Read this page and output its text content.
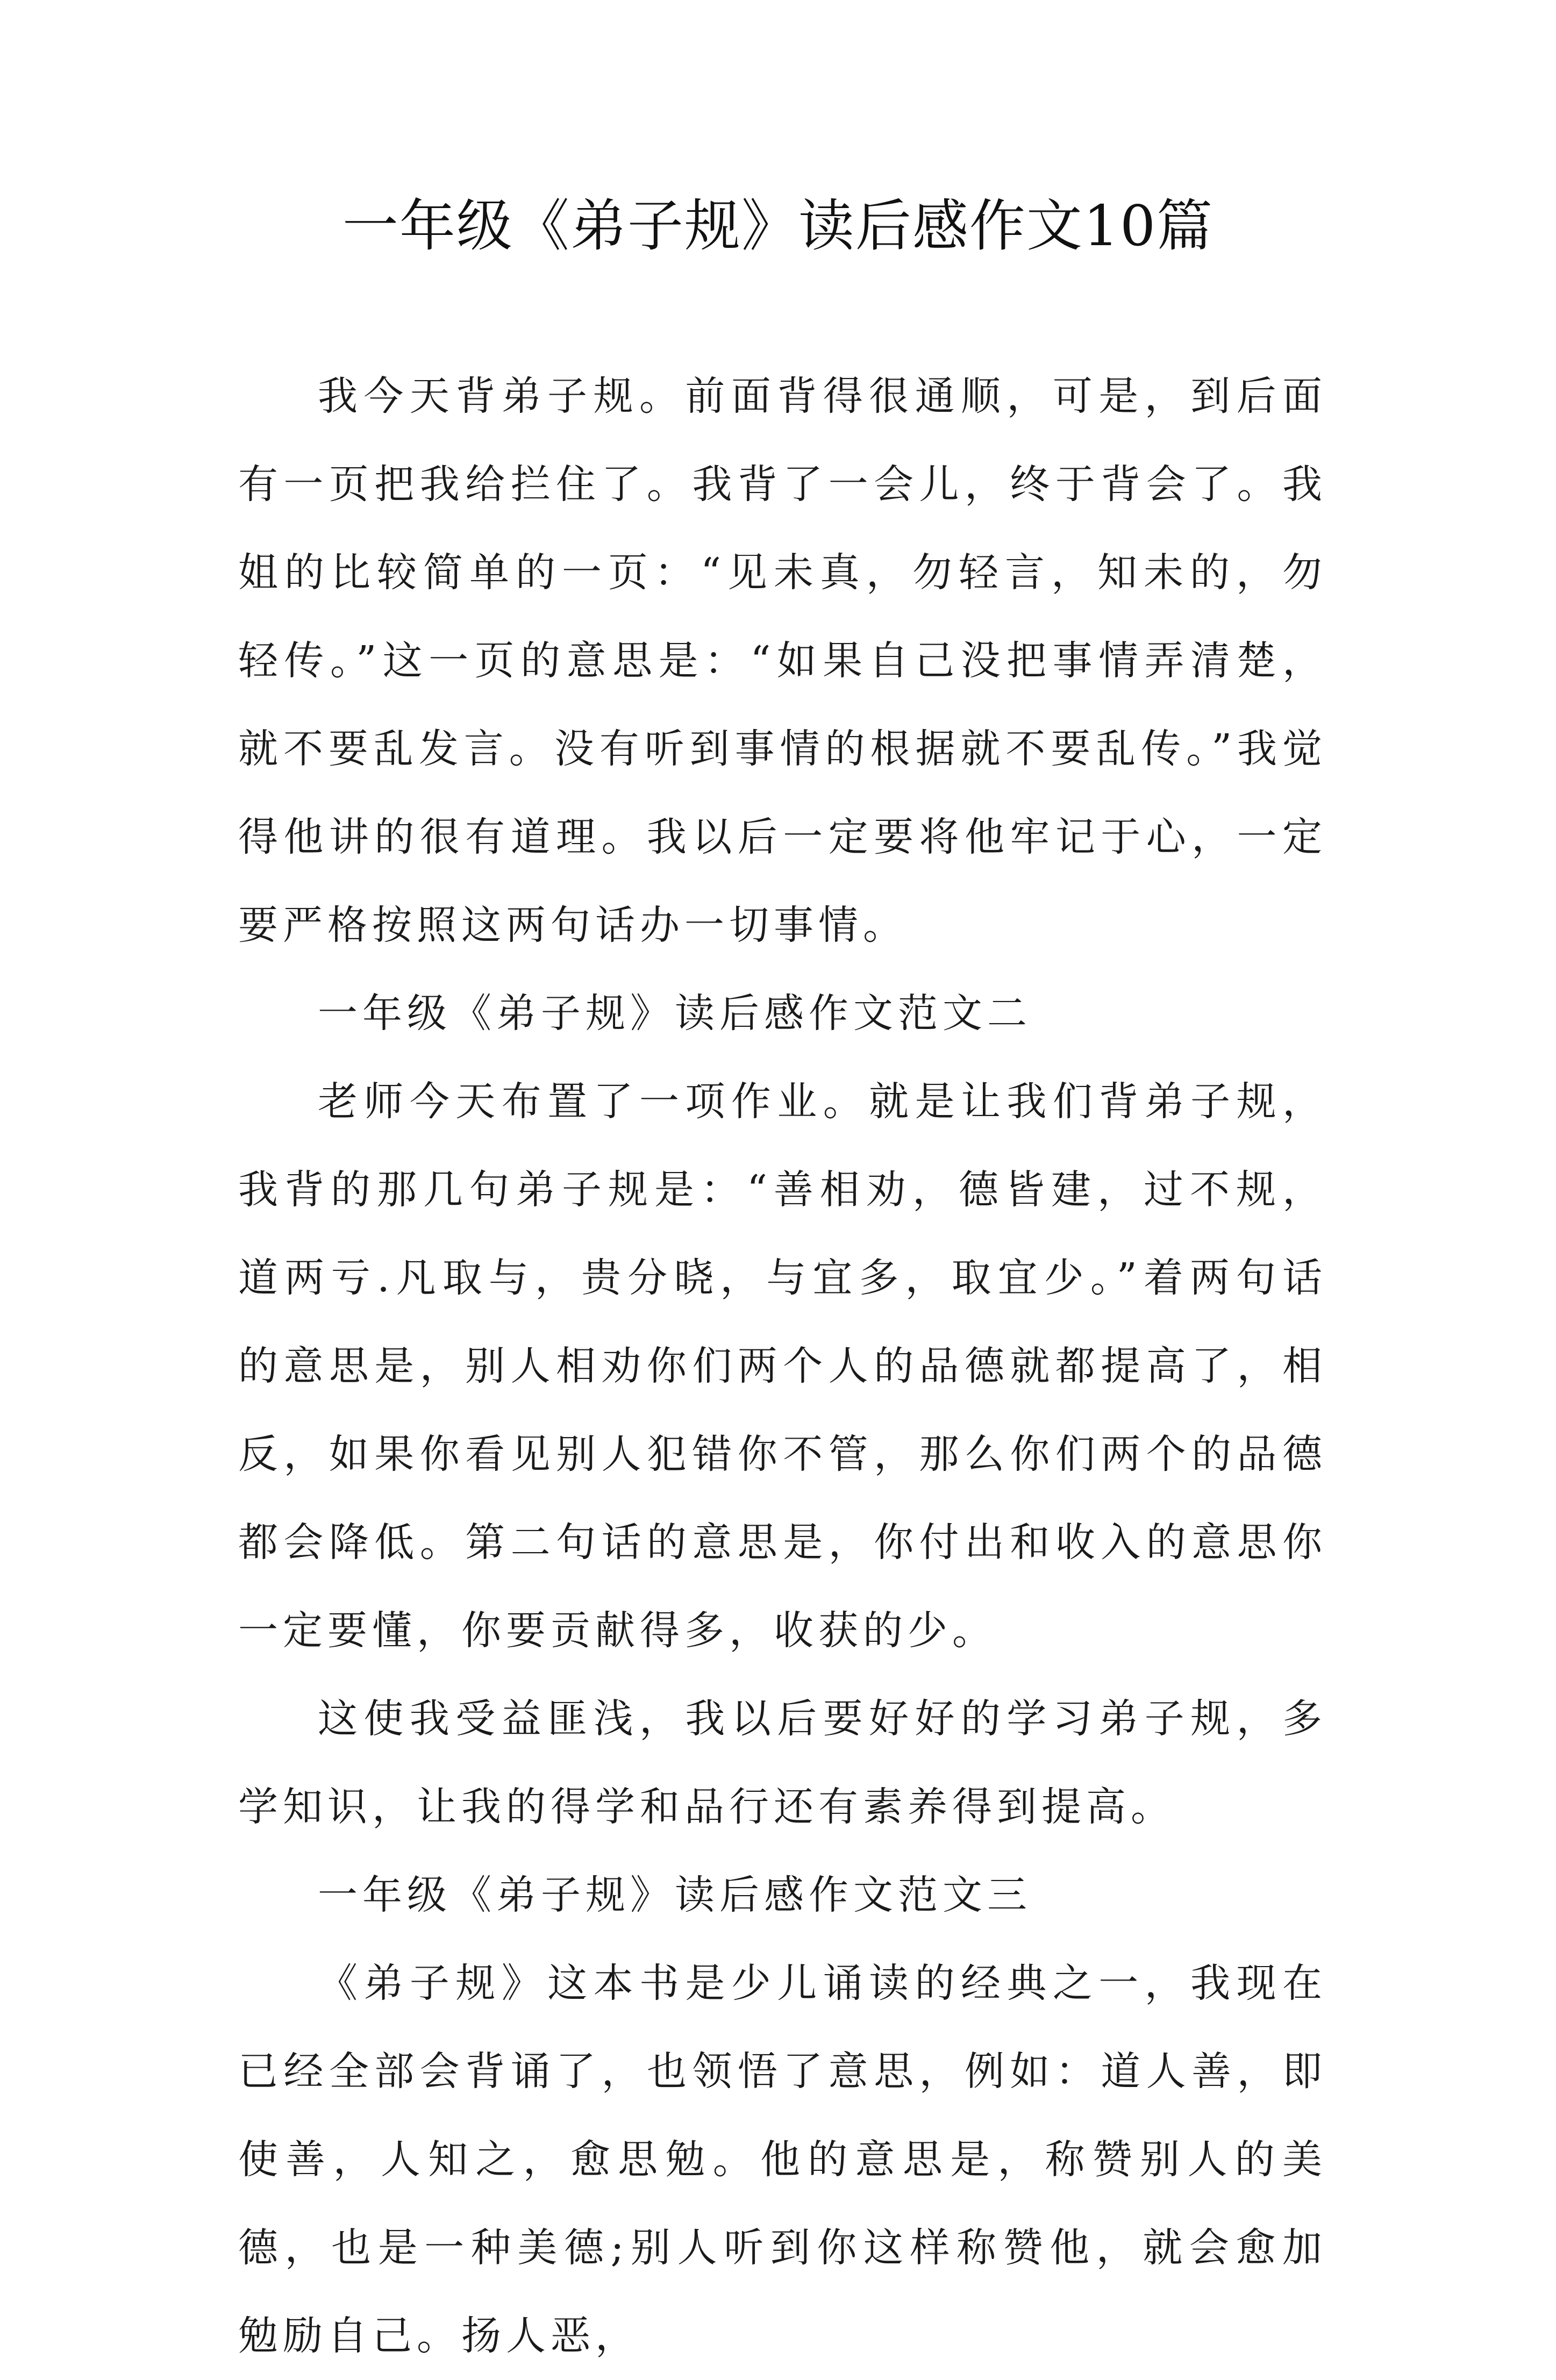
一年级《弟子规》读后感作文10篇

我今天背弟子规。前面背得很通顺，可是，到后面有一页把我给拦住了。我背了一会儿，终于背会了。我姐的比较简单的一页：“见未真，勿轻言，知未的，勿轻传。”这一页的意思是：“如果自己没把事情弄清楚，就不要乱发言。没有听到事情的根据就不要乱传。”我觉得他讲的很有道理。我以后一定要将他牢记于心，一定要严格按照这两句话办一切事情。

一年级《弟子规》读后感作文范文二

老师今天布置了一项作业。就是让我们背弟子规，我背的那几句弟子规是：“善相劝，德皆建，过不规，道两亏.凡取与，贵分晓，与宜多，取宜少。”着两句话的意思是，别人相劝你们两个人的品德就都提高了，相反，如果你看见别人犯错你不管，那么你们两个的品德都会降低。第二句话的意思是，你付出和收入的意思你一定要懂，你要贡献得多，收获的少。

这使我受益匪浅，我以后要好好的学习弟子规，多学知识，让我的得学和品行还有素养得到提高。

一年级《弟子规》读后感作文范文三

《弟子规》这本书是少儿诵读的经典之一，我现在已经全部会背诵了，也领悟了意思，例如：道人善，即使善，人知之，愈思勉。他的意思是，称赞别人的美德，也是一种美德;别人听到你这样称赞他，就会愈加勉励自己。扬人恶，
